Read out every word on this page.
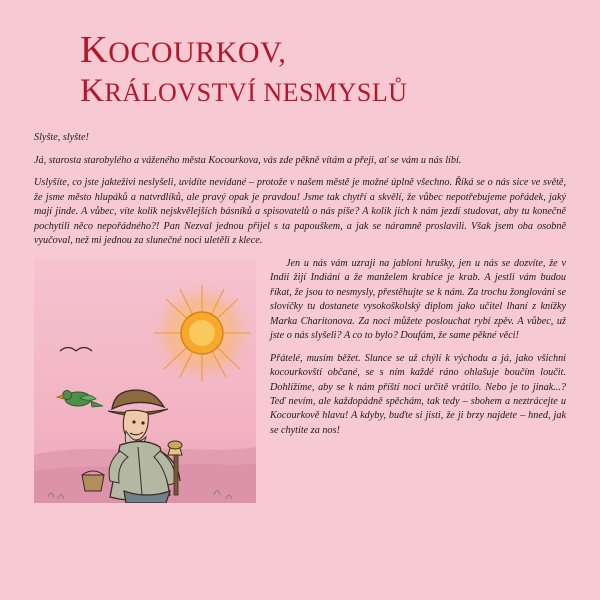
KOCOURKOV,
KRÁLOVSTVÍ NESMYSLŮ

Slyšte, slyšte!

Já, starosta starobylého a váženého města Kocourkova, vás zde pěkně vítám a přeji, ať se vám u nás líbí.

Uslyšíte, co jste jakteživi neslyšeli, uvidíte nevídané – protože v našem městě je možné úplně všechno. Říká se o nás sice ve světě, že jsme město hlupáků a natvrdlíků, ale pravý opak je pravdou! Jsme tak chytří a skvělí, že vůbec nepotřebujeme pořádek, jaký mají jinde. A vůbec, víte kolik nejskvělejších básníků a spisovatelů o nás píše? A kolik jich k nám jezdí studovat, aby tu konečně pochytili něco nepořádného?! Pan Nezval jednou přijel s ta papouškem, a jak se náramně proslavili. Však jsem oba osobně vyučoval, než mi jednou za slunečné noci uletěli z klece.

Jen u nás vám uzraji na jabloni hrušky, jen u nás se dozvíte, že v Indii žijí Indiáni a že manželem krabice je krab. A jestli vám budou říkat, že jsou to nesmysly, přestěhujte se k nám. Za trochu žonglování se slovíčky tu dostanete vysokoškolský diplom jako učitel lhaní z knížky Marka Charitonova. Za noci můžete poslouchat rybí zpěv. A vůbec, už jste o nás slyšeli? A co to bylo? Doufám, že same pěkné věci!

Přátelé, musím běžet. Slunce se už chýlí k východu a já, jako všichni kocourkovští občané, se s ním každé ráno ohlašuje boučím loučit. Dohlížíme, aby se k nám příští noci určitě vrátilo. Nebo je to jinak...? Teď nevím, ale každopádně spěchám, tak tedy – sbohem a neztrácejte u Kocourkově hlavu! A kdyby, buďte si jisti, že ji brzy najdete – hned, jak se chytíte za nos!
